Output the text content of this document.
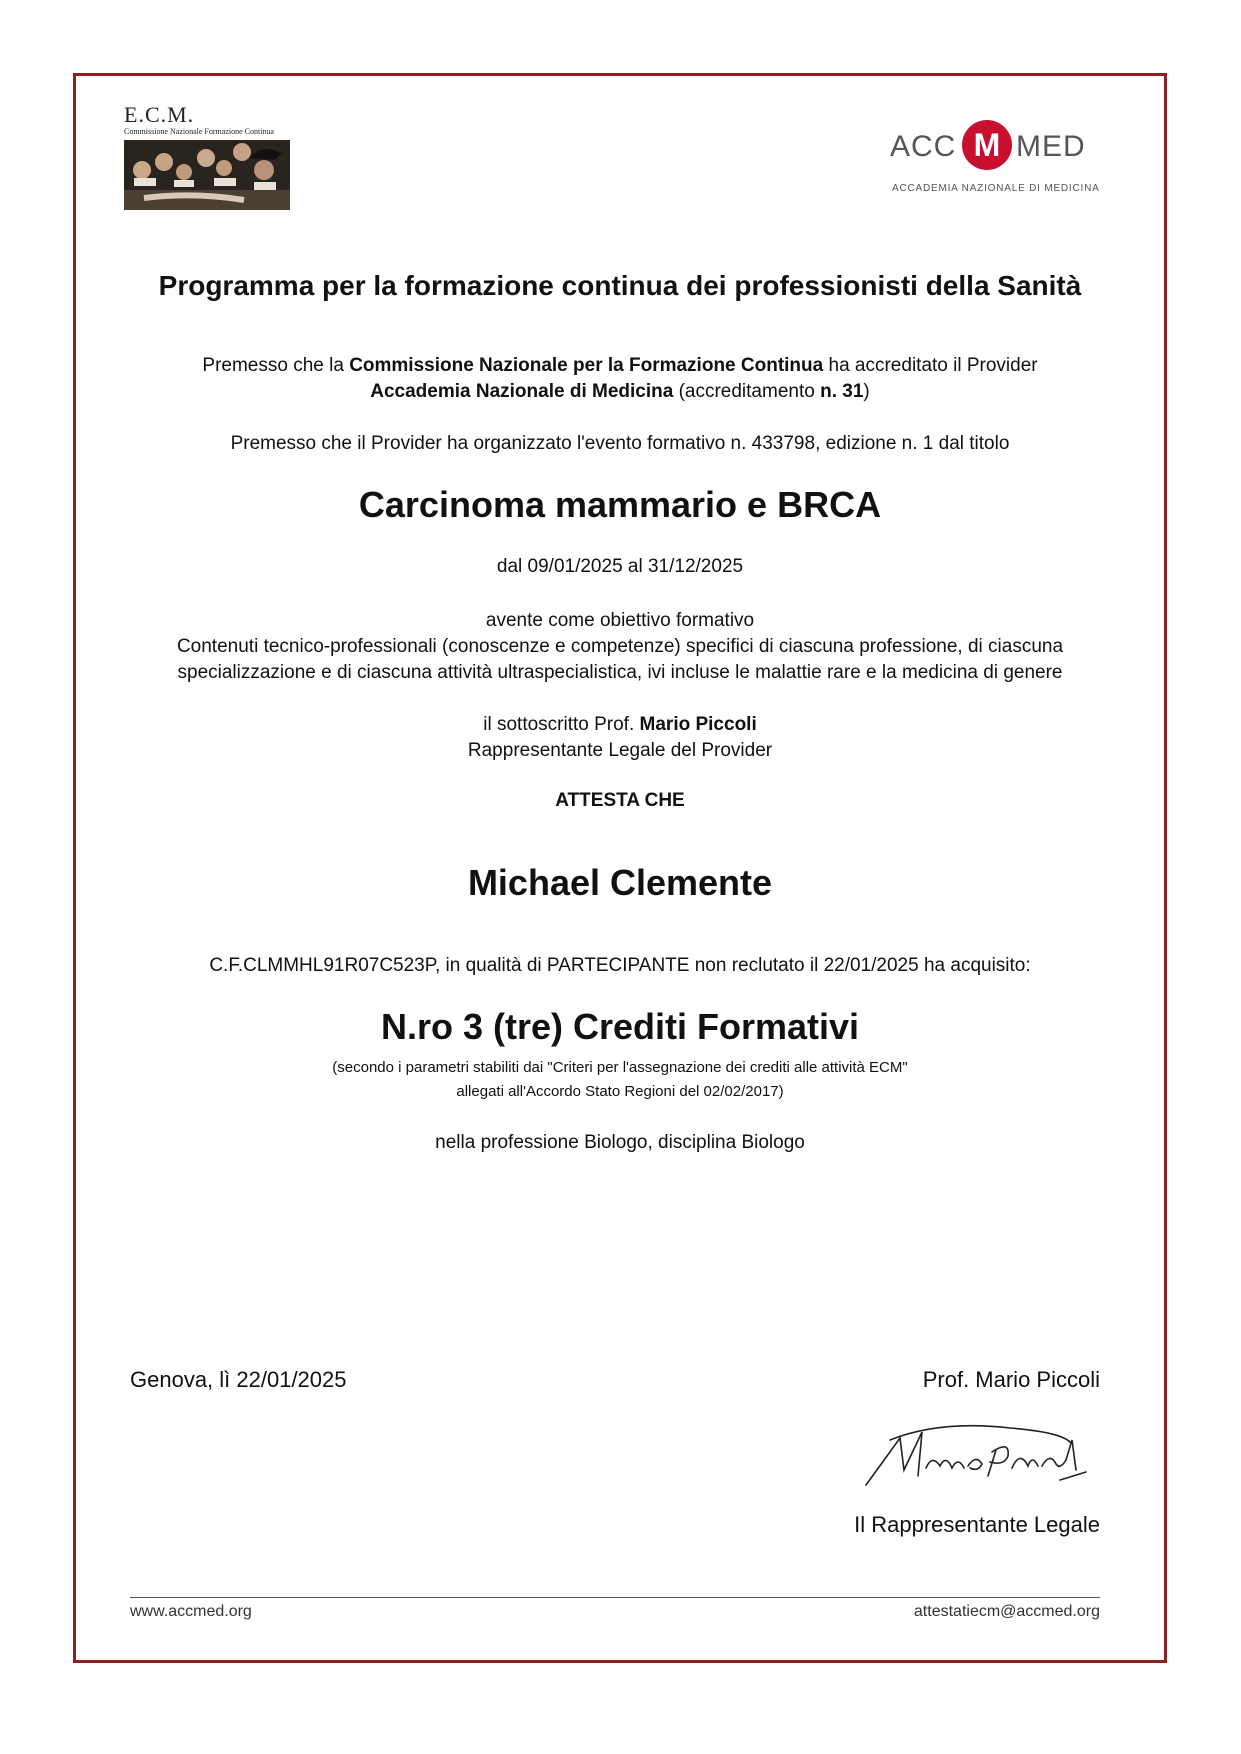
E.C.M.
Commissione Nazionale Formazione Continua	ACC M MED
ACCADEMIA NAZIONALE DI MEDICINA
Programma per la formazione continua dei professionisti della Sanità
Premesso che la Commissione Nazionale per la Formazione Continua ha accreditato il Provider
Accademia Nazionale di Medicina (accreditamento n. 31)
Premesso che il Provider ha organizzato l'evento formativo n. 433798, edizione n. 1 dal titolo
Carcinoma mammario e BRCA
dal 09/01/2025 al 31/12/2025
avente come obiettivo formativo
Contenuti tecnico-professionali (conoscenze e competenze) specifici di ciascuna professione, di ciascuna
specializzazione e di ciascuna attività ultraspecialistica, ivi incluse le malattie rare e la medicina di genere
il sottoscritto Prof. Mario Piccoli
Rappresentante Legale del Provider
ATTESTA CHE
Michael Clemente
C.F.CLMMHL91R07C523P, in qualità di PARTECIPANTE non reclutato il 22/01/2025 ha acquisito:
N.ro 3 (tre) Crediti Formativi
(secondo i parametri stabiliti dai "Criteri per l'assegnazione dei crediti alle attività ECM"
allegati all'Accordo Stato Regioni del 02/02/2017)
nella professione Biologo, disciplina Biologo
Genova, lì 22/01/2025	Prof. Mario Piccoli
Il Rappresentante Legale
www.accmed.org	attestatiecm@accmed.org
